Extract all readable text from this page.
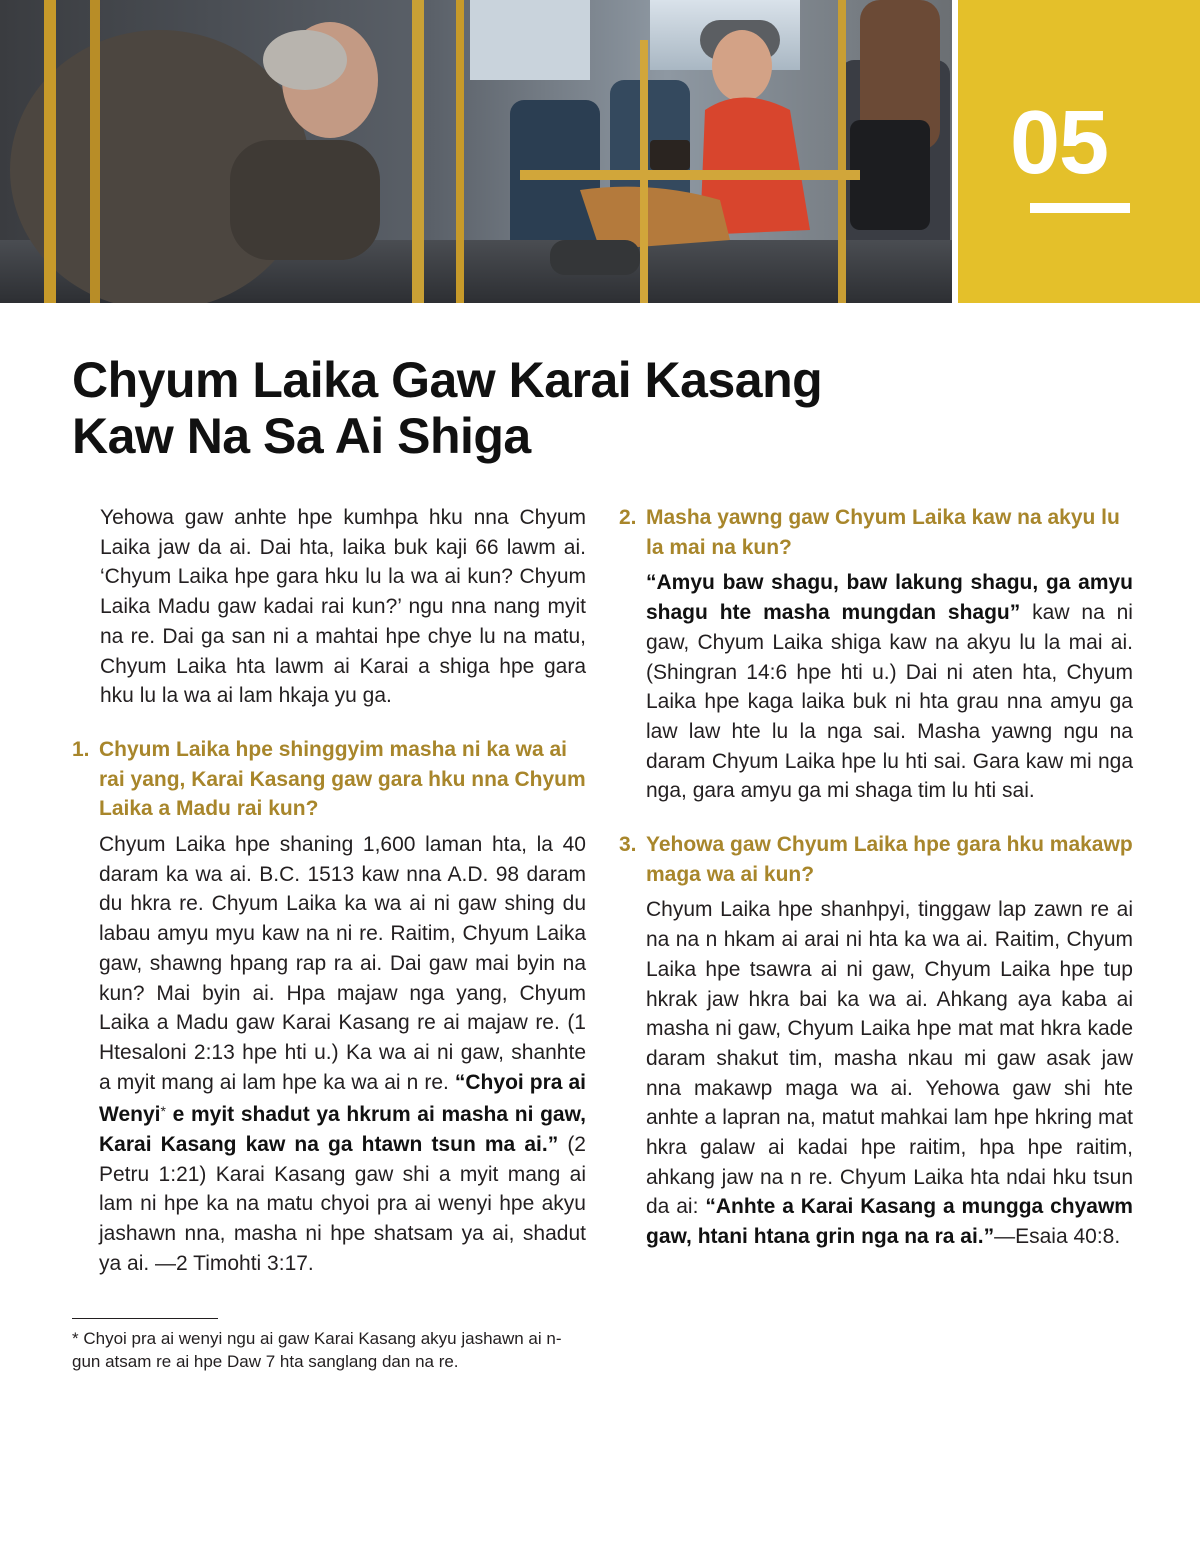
05
Chyum Laika Gaw Karai Kasang
Kaw Na Sa Ai Shiga

Yehowa gaw anhte hpe kumhpa hku nna Chyum Laika jaw da ai. Dai hta, laika buk kaji 66 lawm ai. ‘Chyum Laika hpe gara hku lu la wa ai kun? Chyum Laika Madu gaw kadai rai kun?’ ngu nna nang myit na re. Dai ga san ni a mahtai hpe chye lu na matu, Chyum Laika hta lawm ai Karai a shiga hpe gara hku lu la wa ai lam hkaja yu ga.

1. Chyum Laika hpe shinggyim masha ni ka wa ai rai yang, Karai Kasang gaw gara hku nna Chyum Laika a Madu rai kun?

Chyum Laika hpe shaning 1,600 laman hta, la 40 daram ka wa ai. B.C. 1513 kaw nna A.D. 98 daram du hkra re. Chyum Laika ka wa ai ni gaw shing du labau amyu myu kaw na ni re. Raitim, Chyum Laika gaw, shawng hpang rap ra ai. Dai gaw mai byin na kun? Mai byin ai. Hpa majaw nga yang, Chyum Laika a Madu gaw Karai Kasang re ai majaw re. (1 Htesaloni 2:13 hpe hti u.) Ka wa ai ni gaw, shanhte a myit mang ai lam hpe ka wa ai n re. “Chyoi pra ai Wenyi* e myit shadut ya hkrum ai masha ni gaw, Karai Kasang kaw na ga htawn tsun ma ai.” (2 Petru 1:21) Karai Kasang gaw shi a myit mang ai lam ni hpe ka na matu chyoi pra ai wenyi hpe akyu jashawn nna, masha ni hpe shatsam ya ai, shadut ya ai. —2 Timohti 3:17.

* Chyoi pra ai wenyi ngu ai gaw Karai Kasang akyu jashawn ai n-gun atsam re ai hpe Daw 7 hta sanglang dan na re.

2. Masha yawng gaw Chyum Laika kaw na akyu lu la mai na kun?

“Amyu baw shagu, baw lakung shagu, ga amyu shagu hte masha mungdan shagu” kaw na ni gaw, Chyum Laika shiga kaw na akyu lu la mai ai. (Shingran 14:6 hpe hti u.) Dai ni aten hta, Chyum Laika hpe kaga laika buk ni hta grau nna amyu ga law law hte lu la nga sai. Masha yawng ngu na daram Chyum Laika hpe lu hti sai. Gara kaw mi nga nga, gara amyu ga mi shaga tim lu hti sai.

3. Yehowa gaw Chyum Laika hpe gara hku makawp maga wa ai kun?

Chyum Laika hpe shanhpyi, tinggaw lap zawn re ai na na n hkam ai arai ni hta ka wa ai. Raitim, Chyum Laika hpe tsawra ai ni gaw, Chyum Laika hpe tup hkrak jaw hkra bai ka wa ai. Ahkang aya kaba ai masha ni gaw, Chyum Laika hpe mat mat hkra kade daram shakut tim, masha nkau mi gaw asak jaw nna makawp maga wa ai. Yehowa gaw shi hte anhte a lapran na, matut mahkai lam hpe hkring mat hkra galaw ai kadai hpe raitim, hpa hpe raitim, ahkang jaw na n re. Chyum Laika hta ndai hku tsun da ai: “Anhte a Karai Kasang a mungga chyawm gaw, htani htana grin nga na ra ai.”—Esaia 40:8.
